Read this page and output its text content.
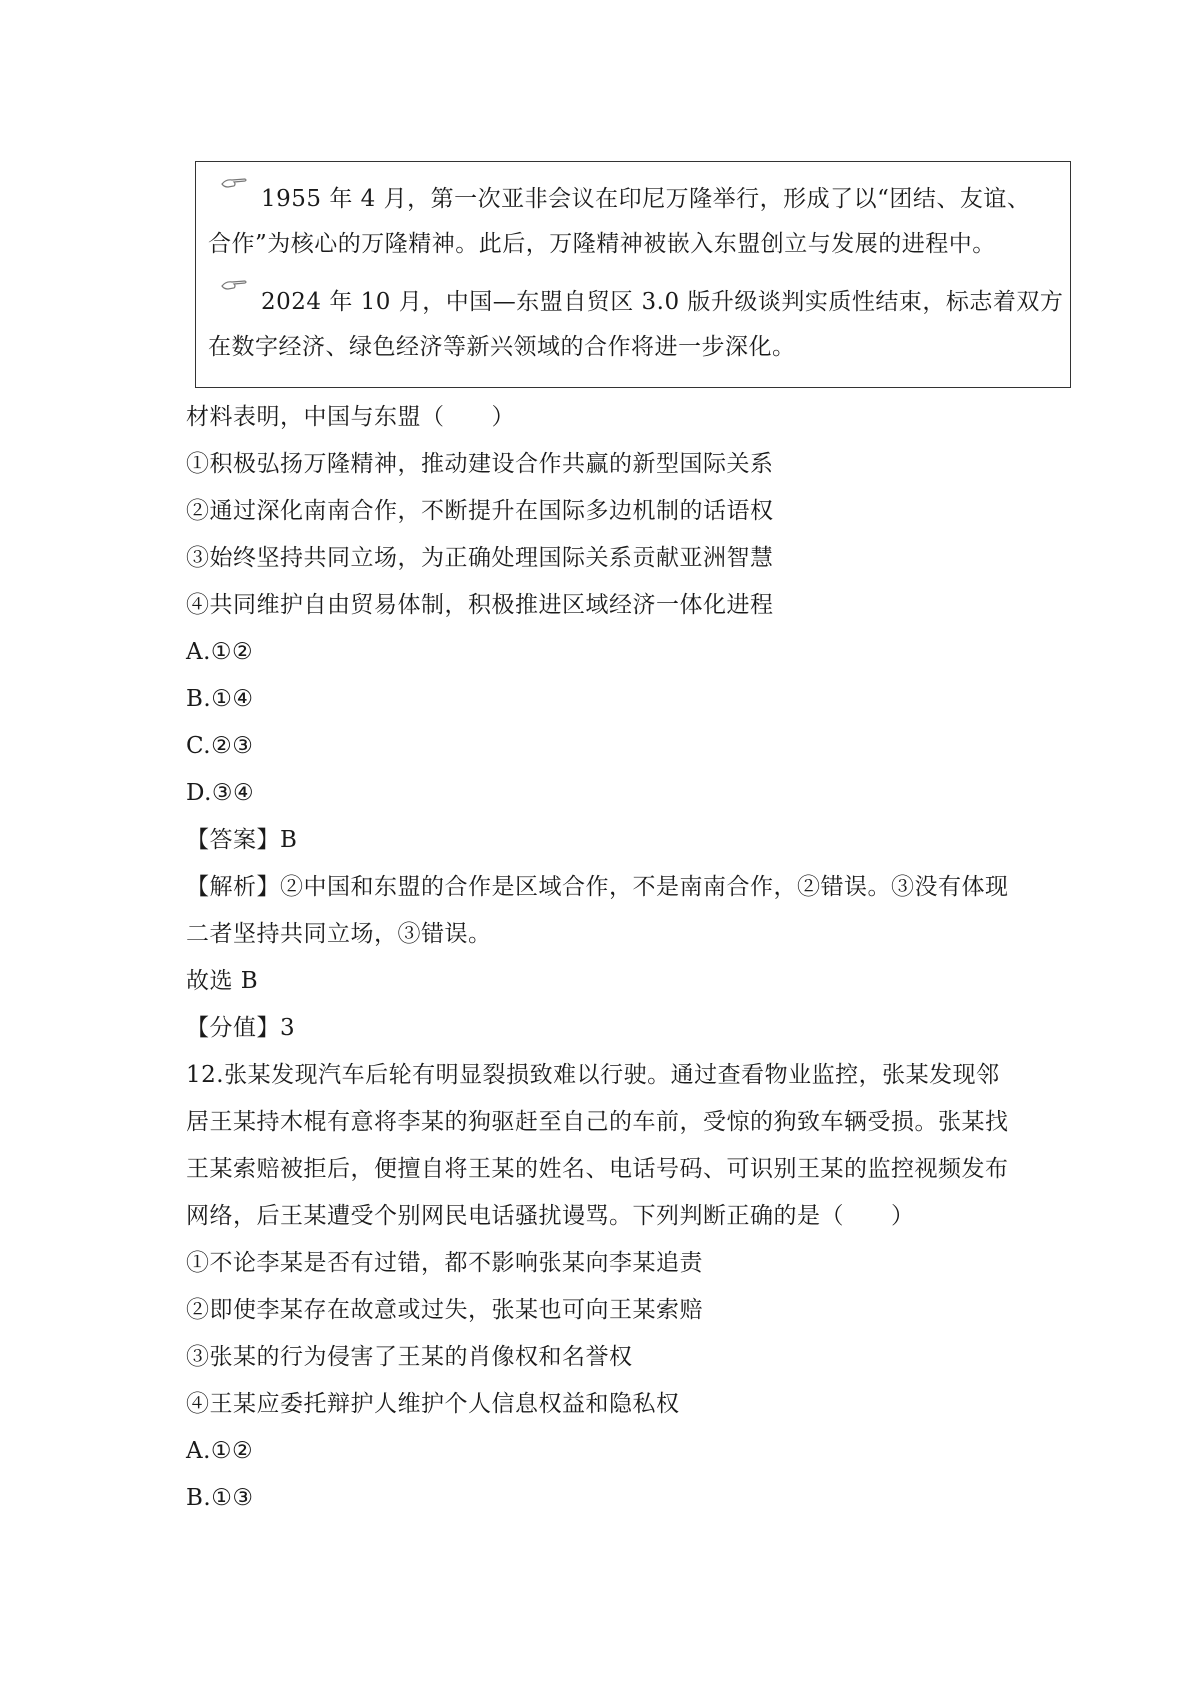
1955 年 4 月，第一次亚非会议在印尼万隆举行，形成了以“团结、友谊、
合作”为核心的万隆精神。此后，万隆精神被嵌入东盟创立与发展的进程中。
2024 年 10 月，中国—东盟自贸区 3.0 版升级谈判实质性结束，标志着双方
在数字经济、绿色经济等新兴领域的合作将进一步深化。
材料表明，中国与东盟（　　）
①积极弘扬万隆精神，推动建设合作共赢的新型国际关系
②通过深化南南合作，不断提升在国际多边机制的话语权
③始终坚持共同立场，为正确处理国际关系贡献亚洲智慧
④共同维护自由贸易体制，积极推进区域经济一体化进程
A.①②
B.①④
C.②③
D.③④
【答案】B
【解析】②中国和东盟的合作是区域合作，不是南南合作，②错误。③没有体现
二者坚持共同立场，③错误。
故选 B
【分值】3
12.张某发现汽车后轮有明显裂损致难以行驶。通过查看物业监控，张某发现邻
居王某持木棍有意将李某的狗驱赶至自己的车前，受惊的狗致车辆受损。张某找
王某索赔被拒后，便擅自将王某的姓名、电话号码、可识别王某的监控视频发布
网络，后王某遭受个别网民电话骚扰谩骂。下列判断正确的是（　　）
①不论李某是否有过错，都不影响张某向李某追责
②即使李某存在故意或过失，张某也可向王某索赔
③张某的行为侵害了王某的肖像权和名誉权
④王某应委托辩护人维护个人信息权益和隐私权
A.①②
B.①③
